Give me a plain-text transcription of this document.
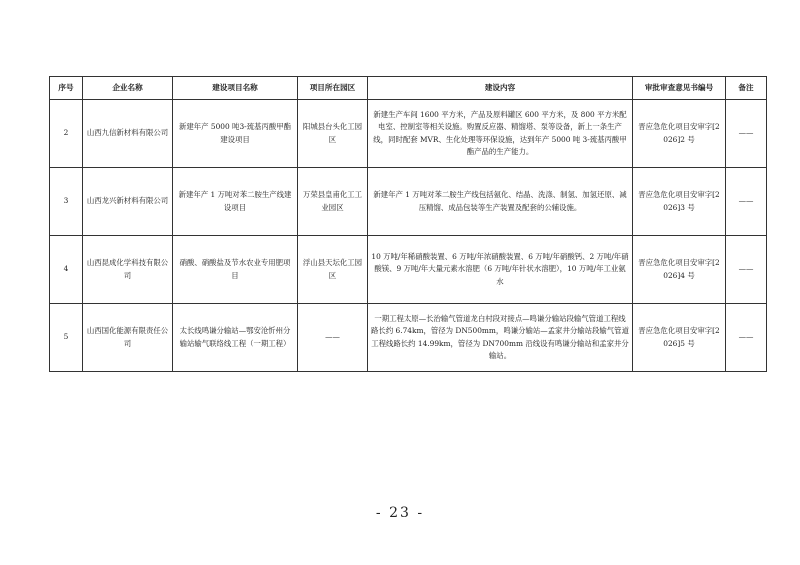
序号	企业名称	建设项目名称	项目所在园区	建设内容	审批审查意见书编号	备注
2	山西九信新材料有限公司	新建年产 5000 吨3-巯基丙酸甲酯建设项目	阳城县台头化工园区	新建生产车间 1600 平方米，产品及原料罐区 600 平方米，及 800 平方米配电室、控制室等相关设施。购置反应器、精馏塔、泵等设备，新上一条生产线，同时配套 MVR、生化处理等环保设施，达到年产 5000 吨 3-巯基丙酸甲酯产品的生产能力。	晋应急危化项目安审字[2026]2 号	——
3	山西龙兴新材料有限公司	新建年产 1 万吨对苯二胺生产线建设项目	万荣县皇甫化工工业园区	新建年产 1 万吨对苯二胺生产线包括氨化、结晶、洗涤、制氢、加氢还原、减压精馏、成品包装等生产装置及配套的公辅设施。	晋应急危化项目安审字[2026]3 号	——
4	山西昆成化学科技有限公司	硝酸、硝酸盐及节水农业专用肥项目	浮山县天坛化工园区	10 万吨/年稀硝酸装置、6 万吨/年浓硝酸装置、6 万吨/年硝酸钙、2 万吨/年硝酸镁、9 万吨/年大量元素水溶肥（6 万吨/年针状水溶肥），10 万吨/年工业氨水	晋应急危化项目安审字[2026]4 号	——
5	山西国化能源有限责任公司	太长线鸣谦分输站—鄂安沧忻州分输站输气联络线工程（一期工程）	——	一期工程太原—长治输气管道龙白村段对接点—鸣谦分输站段输气管道工程线路长约 6.74km，管径为 DN500mm，鸣谦分输站—孟家井分输站段输气管道工程线路长约 14.99km，管径为 DN700mm 沿线设有鸣谦分输站和孟家井分输站。	晋应急危化项目安审字[2026]5 号	——
- 23 -
